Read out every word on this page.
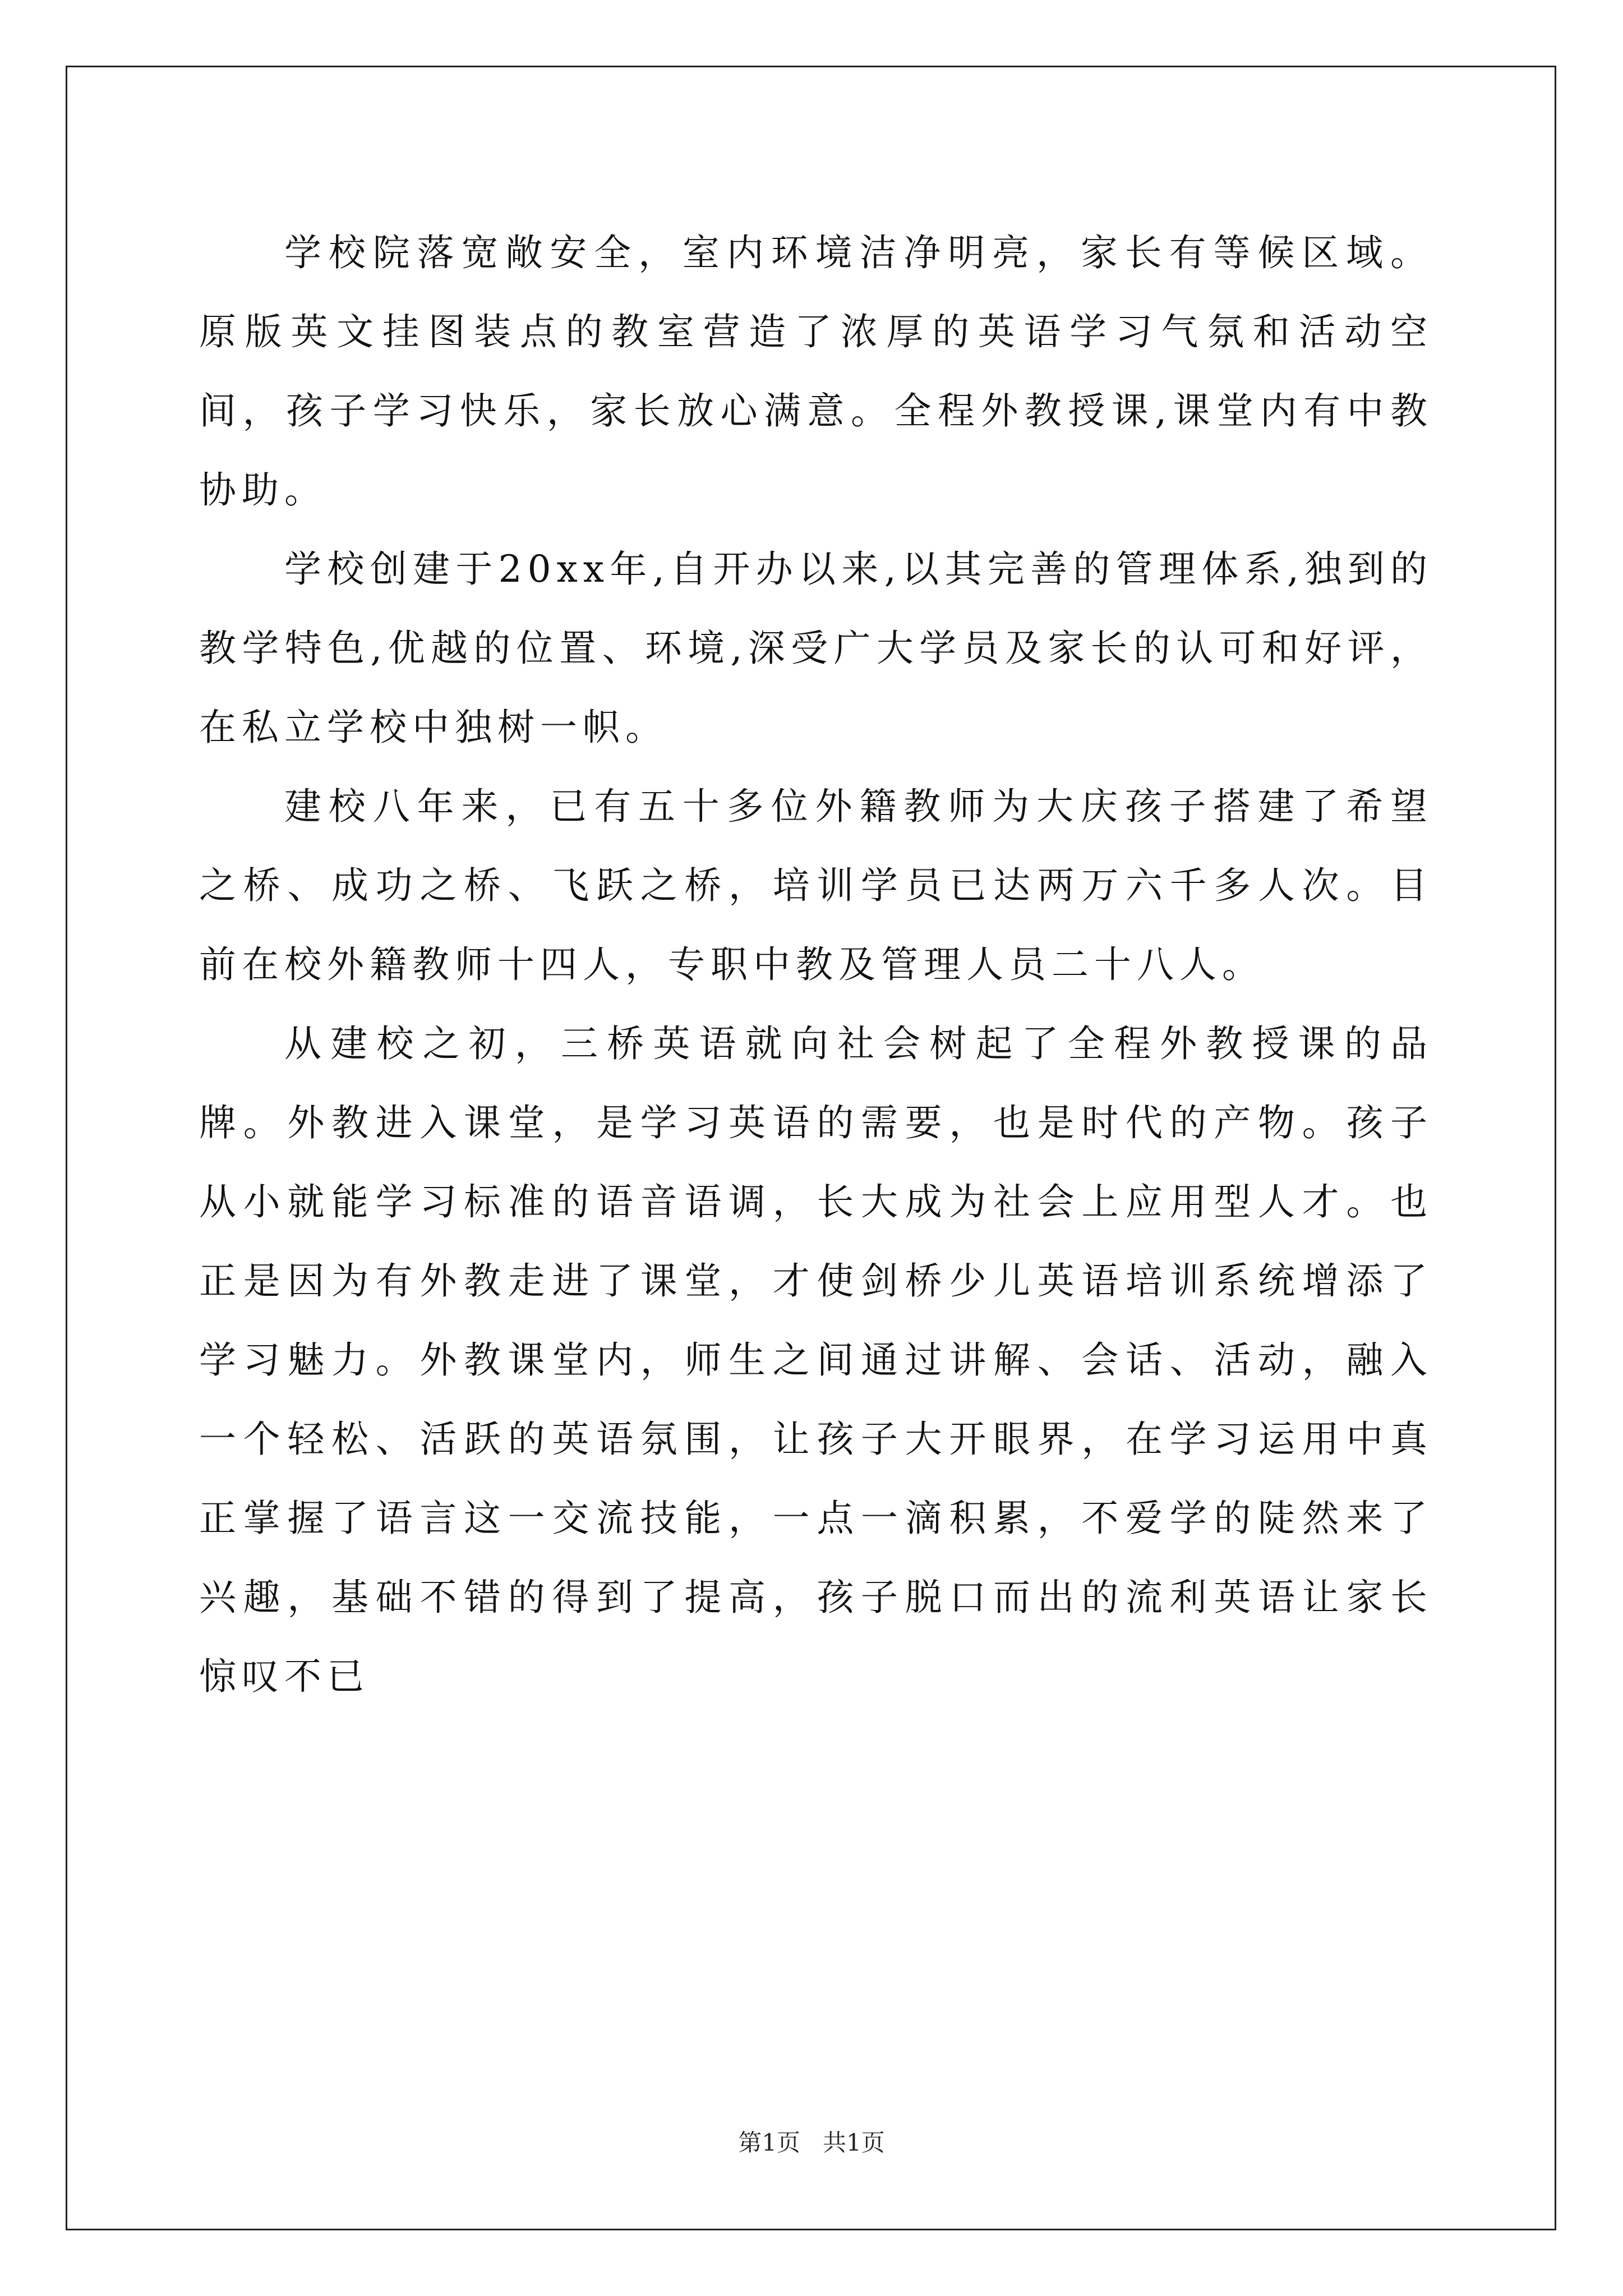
学校院落宽敞安全，室内环境洁净明亮，家长有等候区域。原版英文挂图装点的教室营造了浓厚的英语学习气氛和活动空间，孩子学习快乐，家长放心满意。全程外教授课,课堂内有中教协助。

学校创建于20xx年,自开办以来,以其完善的管理体系,独到的教学特色,优越的位置、环境,深受广大学员及家长的认可和好评，在私立学校中独树一帜。

建校八年来，已有五十多位外籍教师为大庆孩子搭建了希望之桥、成功之桥、飞跃之桥，培训学员已达两万六千多人次。目前在校外籍教师十四人，专职中教及管理人员二十八人。

从建校之初，三桥英语就向社会树起了全程外教授课的品牌。外教进入课堂，是学习英语的需要，也是时代的产物。孩子从小就能学习标准的语音语调，长大成为社会上应用型人才。也正是因为有外教走进了课堂，才使剑桥少儿英语培训系统增添了学习魅力。外教课堂内，师生之间通过讲解、会话、活动，融入一个轻松、活跃的英语氛围，让孩子大开眼界，在学习运用中真正掌握了语言这一交流技能，一点一滴积累，不爱学的陡然来了兴趣，基础不错的得到了提高，孩子脱口而出的流利英语让家长惊叹不已

第1页   共1页
